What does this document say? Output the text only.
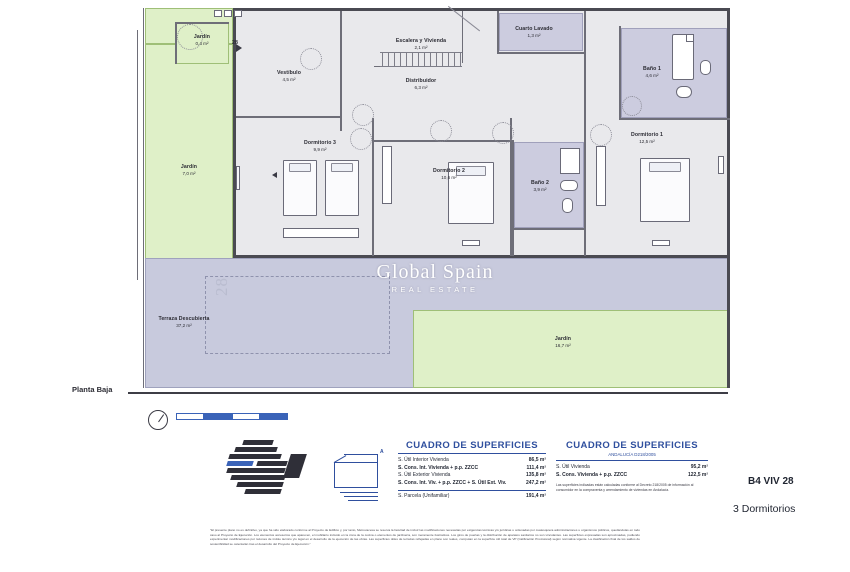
Global Spain
REAL ESTATE
28
28
Jardín
0,4 m²
Jardín
7,0 m²
Vestíbulo
4,5 m²
Escalera y Vivienda
2,1 m²
Cuarto Lavado
1,3 m²
Distribuidor
6,3 m²
Baño 1
4,6 m²
Dormitorio 1
12,5 m²
Dormitorio 3
9,9 m²
Dormitorio 2
10,6 m²
Baño 2
3,9 m²
Terraza Descubierta
37,2 m²
Jardín
16,7 m²
Planta Baja
A
CUADRO DE SUPERFICIES
S. Útil Interior Vivienda	86,5 m²
S. Cons. Int. Vivienda + p.p. ZZCC	111,4 m²
S. Útil Exterior Vivienda	135,8 m²
S. Cons. Int. Viv. + p.p. ZZCC + S. Útil Ext. Viv.	247,2 m²
S. Parcela (Unifamiliar)	191,4 m²
CUADRO DE SUPERFICIES
ANDALUCÍA D218/2005
S. Útil Vivienda	95,2 m²
S. Cons. Vivienda + p.p. ZZCC	122,5 m²
Las superficies indicadas están calculadas conforme al Decreto 218/2005 de información al consumidor en la compraventa y arrendamiento de viviendas en Andalucía.
B4 VIV 28
3 Dormitorios
"El presente plano no es definitivo, ya que ha sido elaborado conforme al Proyecto de Edificio y, por tanto, Metrovacesa se reserva la facultad de incluir las modificaciones necesarias por exigencias técnicas y/o jurídicas u ordenadas por cualesquiera administraciones u organismos públicos, quedándolas en todo caso al Proyecto de Ejecución. Los elementos accesorios que aparecen, el mobiliario incluido en la zona de la cocina o elementos de jardinería, son meramente ilustrativos. Los giros de puertas y la distribución de aparatos sanitarios no son vinculantes. Las superficies expresadas son aproximadas, pudiendo experimentar modificaciones por razones de índole técnico y/o legal en el desarrollo de la ejecución de las obras. Las superficies útiles de terrazas reflejadas en plano son reales, computan en la superficie útil total de VP (Calificación Provisional) según normativa vigente. La clasificación final de los saldos de sostenibilidad se ostentarán tras el desarrollo del Proyecto de Ejecución."
